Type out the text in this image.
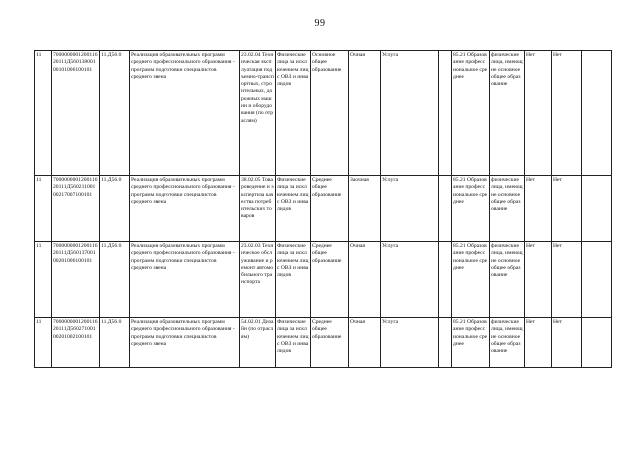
99
11	700000000120011620111Д56013800100101006100101	11.Д56.0	Реализация образовательных программ среднего профессионального образования - программ подготовки специалистов среднего звена	23.02.04 Техническая эксплуатация подъемно-транспортных, строительных, дорожных машин и оборудования (по отраслям)	Физические лица за исключением лиц с ОВЗ и инвалидов	Основное общее образование	Очная	Услуга		85.21 Образование профессиональное среднее	физические лица, имеющие основное общее образование	Нет	Нет	
11	700000000120011620111Д56021100100217007100101	11.Д56.0	Реализация образовательных программ среднего профессионального образования - программ подготовки специалистов среднего звена	38.02.05 Товароведение и экспертиза качества потребительских товаров	Физические лица за исключением лиц с ОВЗ и инвалидов	Среднее общее образование	Заочная	Услуга		85.21 Образование профессиональное среднее	физические лица, имеющие основное общее образование	Нет	Нет	
11	700000000120011620111Д56013700100201006100101	11.Д56.0	Реализация образовательных программ среднего профессионального образования - программ подготовки специалистов среднего звена	23.02.03 Техническое обслуживание и ремонт автомобильного транспорта	Физические лица за исключением лиц с ОВЗ и инвалидов	Среднее общее образование	Очная	Услуга		85.21 Образование профессиональное среднее	физические лица, имеющие основное общее образование	Нет	Нет	
11	700000000120011620111Д56027100100201002100101	11.Д56.0	Реализация образовательных программ среднего профессионального образования - программ подготовки специалистов среднего звена	54.02.01 Дизайн (по отраслям)	Физические лица за исключением лиц с ОВЗ и инвалидов	Среднее общее образование	Очная	Услуга		85.21 Образование профессиональное среднее	физические лица, имеющие основное общее образование	Нет	Нет	
